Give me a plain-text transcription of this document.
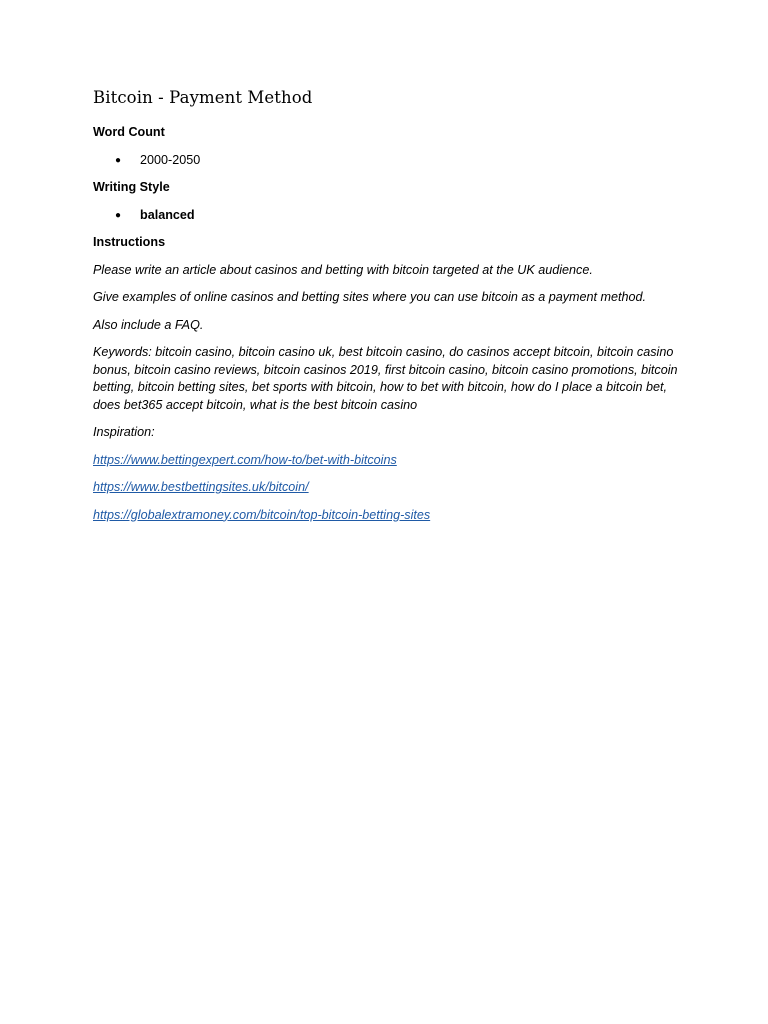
Bitcoin - Payment Method
Word Count
● 2000-2050
Writing Style
● balanced
Instructions

Please write an article about casinos and betting with bitcoin targeted at the UK audience.

Give examples of online casinos and betting sites where you can use bitcoin as a payment method.

Also include a FAQ.

Keywords: bitcoin casino, bitcoin casino uk, best bitcoin casino, do casinos accept bitcoin, bitcoin casino bonus, bitcoin casino reviews, bitcoin casinos 2019, first bitcoin casino, bitcoin casino promotions, bitcoin betting, bitcoin betting sites, bet sports with bitcoin, how to bet with bitcoin, how do I place a bitcoin bet, does bet365 accept bitcoin, what is the best bitcoin casino

Inspiration:

https://www.bettingexpert.com/how-to/bet-with-bitcoins
https://www.bestbettingsites.uk/bitcoin/
https://globalextramoney.com/bitcoin/top-bitcoin-betting-sites
